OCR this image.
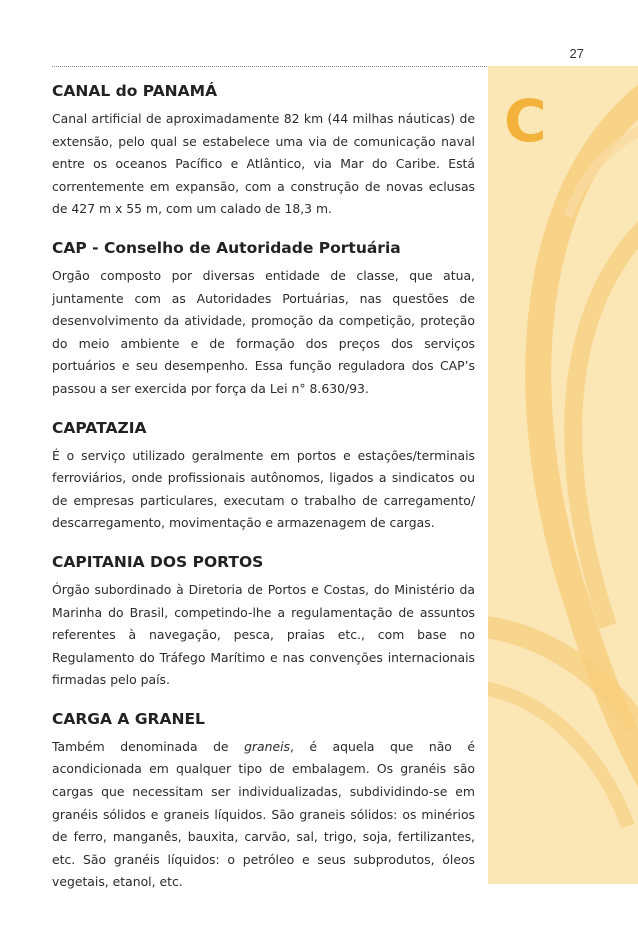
27
C
CANAL do PANAMÁ

Canal artificial de aproximadamente 82 km (44 milhas náuticas) de extensão, pelo qual se estabelece uma via de comunicação naval entre os oceanos Pacífico e Atlântico, via Mar do Caribe. Está correntemente em expansão, com a construção de novas eclusas de 427 m x 55 m, com um calado de 18,3 m.

CAP - Conselho de Autoridade Portuária

Orgão composto por diversas entidade de classe, que atua, juntamente com as Autoridades Portuárias, nas questões de desenvolvimento da atividade, promoção da competição, proteção do meio ambiente e de formação dos preços dos serviços portuários e seu desempenho. Essa função reguladora dos CAP’s passou a ser exercida por força da Lei n° 8.630/93.

CAPATAZIA

É o serviço utilizado geralmente em portos e estações/terminais ferroviários, onde profissionais autônomos, ligados a sindicatos ou de empresas particulares, executam o trabalho de carregamento/ descarregamento, movimentação e armazenagem de cargas.

CAPITANIA DOS PORTOS

Órgão subordinado à Diretoria de Portos e Costas, do Ministério da Marinha do Brasil, competindo-lhe a regulamentação de assuntos referentes à navegação, pesca, praias etc., com base no Regulamento do Tráfego Marítimo e nas convenções internacionais firmadas pelo país.

CARGA A GRANEL

Também denominada de graneis, é aquela que não é acondicionada em qualquer tipo de embalagem. Os granéis são cargas que necessitam ser individualizadas, subdividindo-se em granéis sólidos e graneis líquidos. São graneis sólidos: os minérios de ferro, manganês, bauxita, carvão, sal, trigo, soja, fertilizantes, etc. São granéis líquidos: o petróleo e seus subprodutos, óleos vegetais, etanol, etc.
